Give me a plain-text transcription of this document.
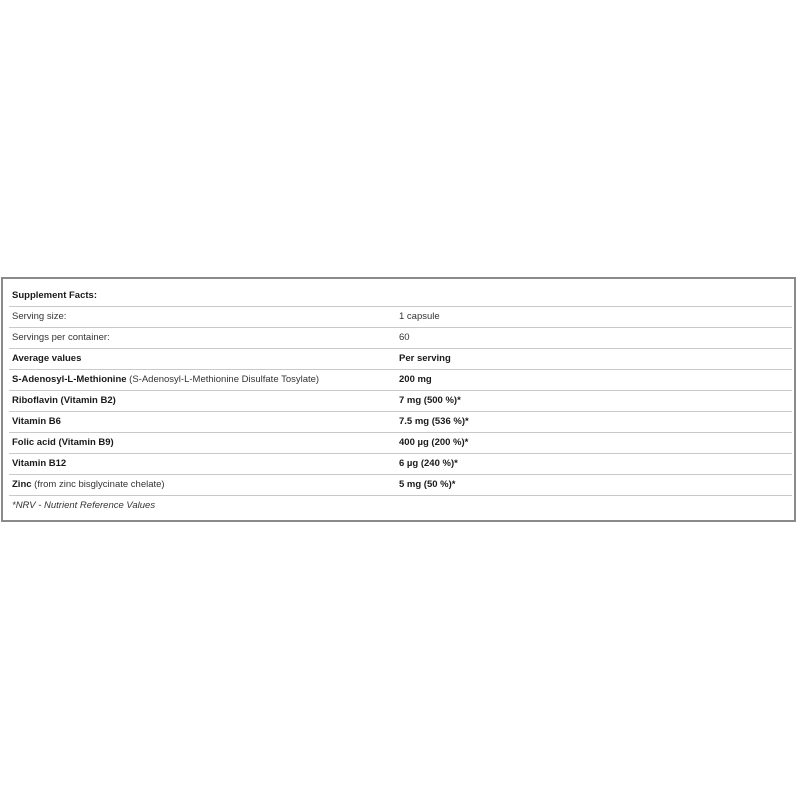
Supplement Facts:	
Serving size:	1 capsule
Servings per container:	60
Average values	Per serving
S-Adenosyl-L-Methionine (S-Adenosyl-L-Methionine Disulfate Tosylate)	200 mg
Riboflavin (Vitamin B2)	7 mg (500 %)*
Vitamin B6	7.5 mg (536 %)*
Folic acid (Vitamin B9)	400 µg (200 %)*
Vitamin B12	6 µg (240 %)*
Zinc (from zinc bisglycinate chelate)	5 mg (50 %)*
*NRV - Nutrient Reference Values	
